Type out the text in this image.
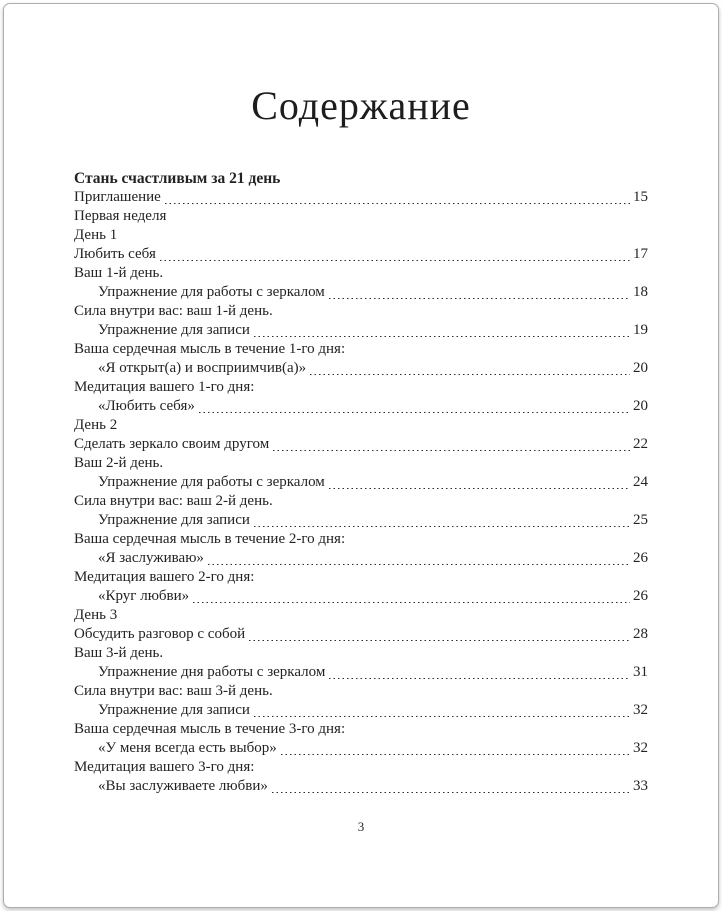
Содержание
Стань счастливым за 21 день
Приглашение	15
Первая неделя
День 1
Любить себя	17
Ваш 1-й день.
Упражнение для работы с зеркалом	18
Сила внутри вас: ваш 1-й день.
Упражнение для записи	19
Ваша сердечная мысль в течение 1-го дня:
«Я открыт(а) и восприимчив(а)»	20
Медитация вашего 1-го дня:
«Любить себя»	20
День 2
Сделать зеркало своим другом	22
Ваш 2-й день.
Упражнение для работы с зеркалом	24
Сила внутри вас: ваш 2-й день.
Упражнение для записи	25
Ваша сердечная мысль в течение 2-го дня:
«Я заслуживаю»	26
Медитация вашего 2-го дня:
«Круг любви»	26
День 3
Обсудить разговор с собой	28
Ваш 3-й день.
Упражнение дня работы с зеркалом	31
Сила внутри вас: ваш 3-й день.
Упражнение для записи	32
Ваша сердечная мысль в течение 3-го дня:
«У меня всегда есть выбор»	32
Медитация вашего 3-го дня:
«Вы заслуживаете любви»	33
3
